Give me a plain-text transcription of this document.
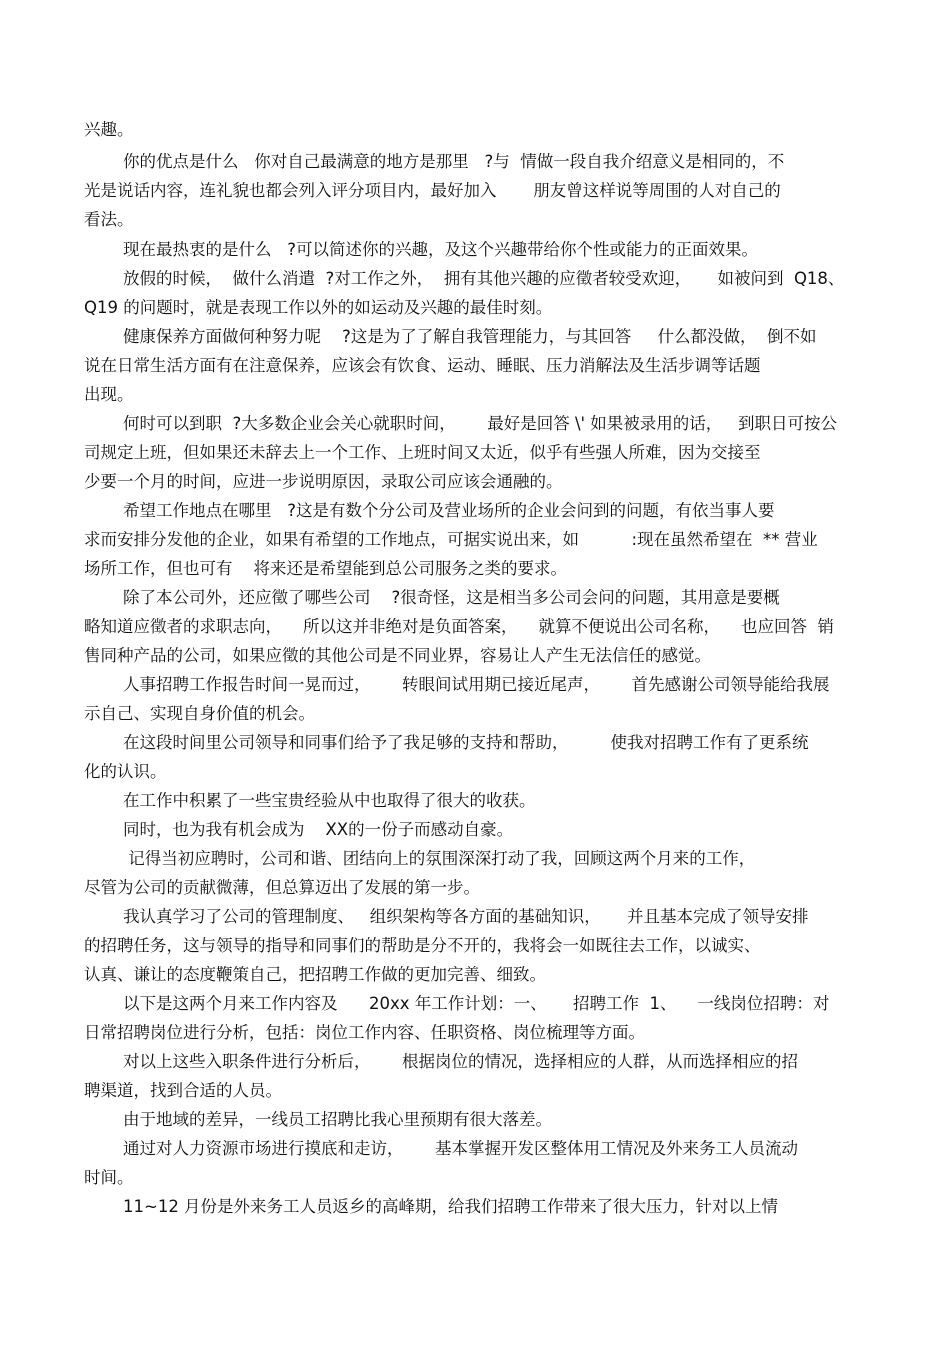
兴趣。
你的优点是什么   你对自己最满意的地方是那里   ?与  情做一段自我介绍意义是相同的，不
光是说话内容，连礼貌也都会列入评分项目内，最好加入       朋友曾这样说等周围的人对自己的
看法。
现在最热衷的是什么   ?可以简述你的兴趣，及这个兴趣带给你个性或能力的正面效果。
放假的时候，  做什么消遣  ?对工作之外，  拥有其他兴趣的应徵者较受欢迎，     如被问到  Q18、
Q19 的问题时，就是表现工作以外的如运动及兴趣的最佳时刻。
健康保养方面做何种努力呢    ?这是为了了解自我管理能力，与其回答     什么都没做，  倒不如
说在日常生活方面有在注意保养，应该会有饮食、运动、睡眠、压力消解法及生活步调等话题
出现。
何时可以到职  ?大多数企业会关心就职时间，      最好是回答 \' 如果被录用的话，   到职日可按公
司规定上班，但如果还未辞去上一个工作、上班时间又太近，似乎有些强人所难，因为交接至
少要一个月的时间，应进一步说明原因，录取公司应该会通融的。
希望工作地点在哪里   ?这是有数个分公司及营业场所的企业会问到的问题，有依当事人要
求而安排分发他的企业，如果有希望的工作地点，可据实说出来，如          :现在虽然希望在  ** 营业
场所工作，但也可有    将来还是希望能到总公司服务之类的要求。
除了本公司外，还应徵了哪些公司    ?很奇怪，这是相当多公司会问的问题，其用意是要概
略知道应徵者的求职志向，    所以这并非绝对是负面答案，    就算不便说出公司名称，    也应回答  销
售同种产品的公司，如果应徵的其他公司是不同业界，容易让人产生无法信任的感觉。
人事招聘工作报告时间一晃而过，      转眼间试用期已接近尾声，      首先感谢公司领导能给我展
示自己、实现自身价值的机会。
在这段时间里公司领导和同事们给予了我足够的支持和帮助，        使我对招聘工作有了更系统
化的认识。
在工作中积累了一些宝贵经验从中也取得了很大的收获。
同时，也为我有机会成为    XX的一份子而感动自豪。
记得当初应聘时，公司和谐、团结向上的氛围深深打动了我，回顾这两个月来的工作，
尽管为公司的贡献微薄，但总算迈出了发展的第一步。
我认真学习了公司的管理制度、   组织架构等各方面的基础知识，     并且基本完成了领导安排
的招聘任务，这与领导的指导和同事们的帮助是分不开的，我将会一如既往去工作，以诚实、
认真、谦让的态度鞭策自己，把招聘工作做的更加完善、细致。
以下是这两个月来工作内容及      20xx 年工作计划：一、     招聘工作  1、    一线岗位招聘：对
日常招聘岗位进行分析，包括：岗位工作内容、任职资格、岗位梳理等方面。
对以上这些入职条件进行分析后，      根据岗位的情况，选择相应的人群，从而选择相应的招
聘渠道，找到合适的人员。
由于地域的差异，一线员工招聘比我心里预期有很大落差。
通过对人力资源市场进行摸底和走访，      基本掌握开发区整体用工情况及外来务工人员流动
时间。
11~12 月份是外来务工人员返乡的高峰期，给我们招聘工作带来了很大压力，针对以上情
